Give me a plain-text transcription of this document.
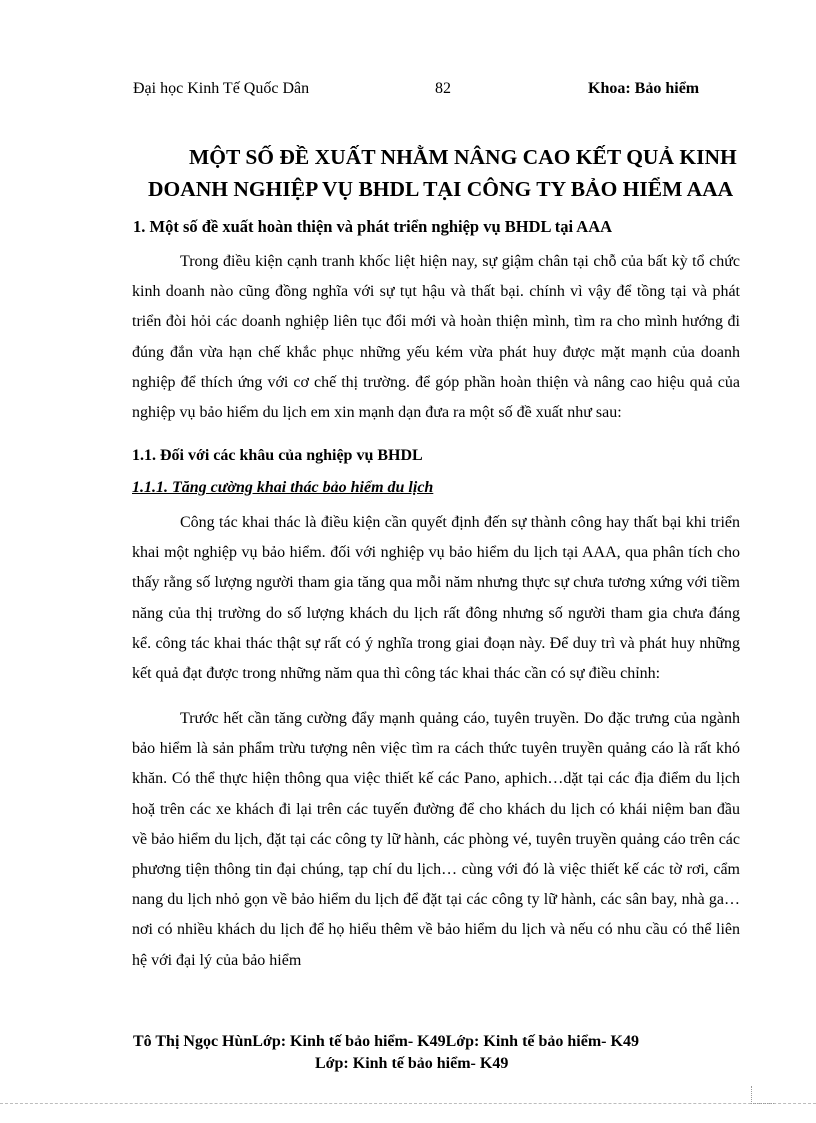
Đại học Kinh Tế Quốc Dân	82	Khoa: Bảo hiểm
MỘT SỐ ĐỀ XUẤT NHẰM NÂNG CAO KẾT QUẢ KINH
DOANH NGHIỆP VỤ BHDL TẠI CÔNG TY BẢO HIỂM AAA
1. Một số đề xuất hoàn thiện và phát triển nghiệp vụ BHDL tại AAA

Trong điều kiện cạnh tranh khốc liệt hiện nay, sự giậm chân tại chỗ của bất kỳ tổ chức kinh doanh nào cũng đồng nghĩa với sự tụt hậu và thất bại. chính vì vậy để tồng tại và phát triển đòi hỏi các doanh nghiệp liên tục đổi mới và hoàn thiện mình, tìm ra cho mình hướng đi đúng đắn vừa hạn chế khắc phục những yếu kém vừa phát huy được mặt mạnh của doanh nghiệp để thích ứng với cơ chế thị trường. để góp phần hoàn thiện và nâng cao hiệu quả của nghiệp vụ bảo hiểm du lịch em xin mạnh dạn đưa ra một số đề xuất như sau:

1.1. Đối với các khâu của nghiệp vụ BHDL
1.1.1. Tăng cường khai thác bảo hiểm du lịch

Công tác khai thác là điều kiện cần quyết định đến sự thành công hay thất bại khi triển khai một nghiệp vụ bảo hiểm. đối với nghiệp vụ bảo hiểm du lịch tại AAA, qua phân tích cho thấy rằng số lượng người tham gia tăng qua mỗi năm nhưng thực sự chưa tương xứng với tiềm năng của thị trường do số lượng khách du lịch rất đông nhưng số người tham gia chưa đáng kể. công tác khai thác thật sự rất có ý nghĩa trong giai đoạn này. Để duy trì và phát huy những kết quả đạt được trong những năm qua thì công tác khai thác cần có sự điều chỉnh:

Trước hết cần tăng cường đẩy mạnh quảng cáo, tuyên truyền. Do đặc trưng của ngành bảo hiểm là sản phẩm trừu tượng nên việc tìm ra cách thức tuyên truyền quảng cáo là rất khó khăn. Có thể thực hiện thông qua việc thiết kế các Pano, aphich…dặt tại các địa điểm du lịch hoặ trên các xe khách đi lại trên các tuyến đường để cho khách du lịch có khái niệm ban đầu về bảo hiểm du lịch, đặt tại các công ty lữ hành, các phòng vé, tuyên truyền quảng cáo trên các phương tiện thông tin đại chúng, tạp chí du lịch… cùng với đó là việc thiết kế các tờ rơi, cẩm nang du lịch nhỏ gọn về bảo hiểm du lịch để đặt tại các công ty lữ hành, các sân bay, nhà ga…nơi có nhiều khách du lịch để họ hiểu thêm về bảo hiểm du lịch và nếu có nhu cầu có thể liên hệ với đại lý của bảo hiểm

Tô Thị Ngọc HùnLớp: Kinh tế bảo hiểm- K49Lớp: Kinh tế bảo hiểm- K49
Lớp: Kinh tế bảo hiểm- K49
